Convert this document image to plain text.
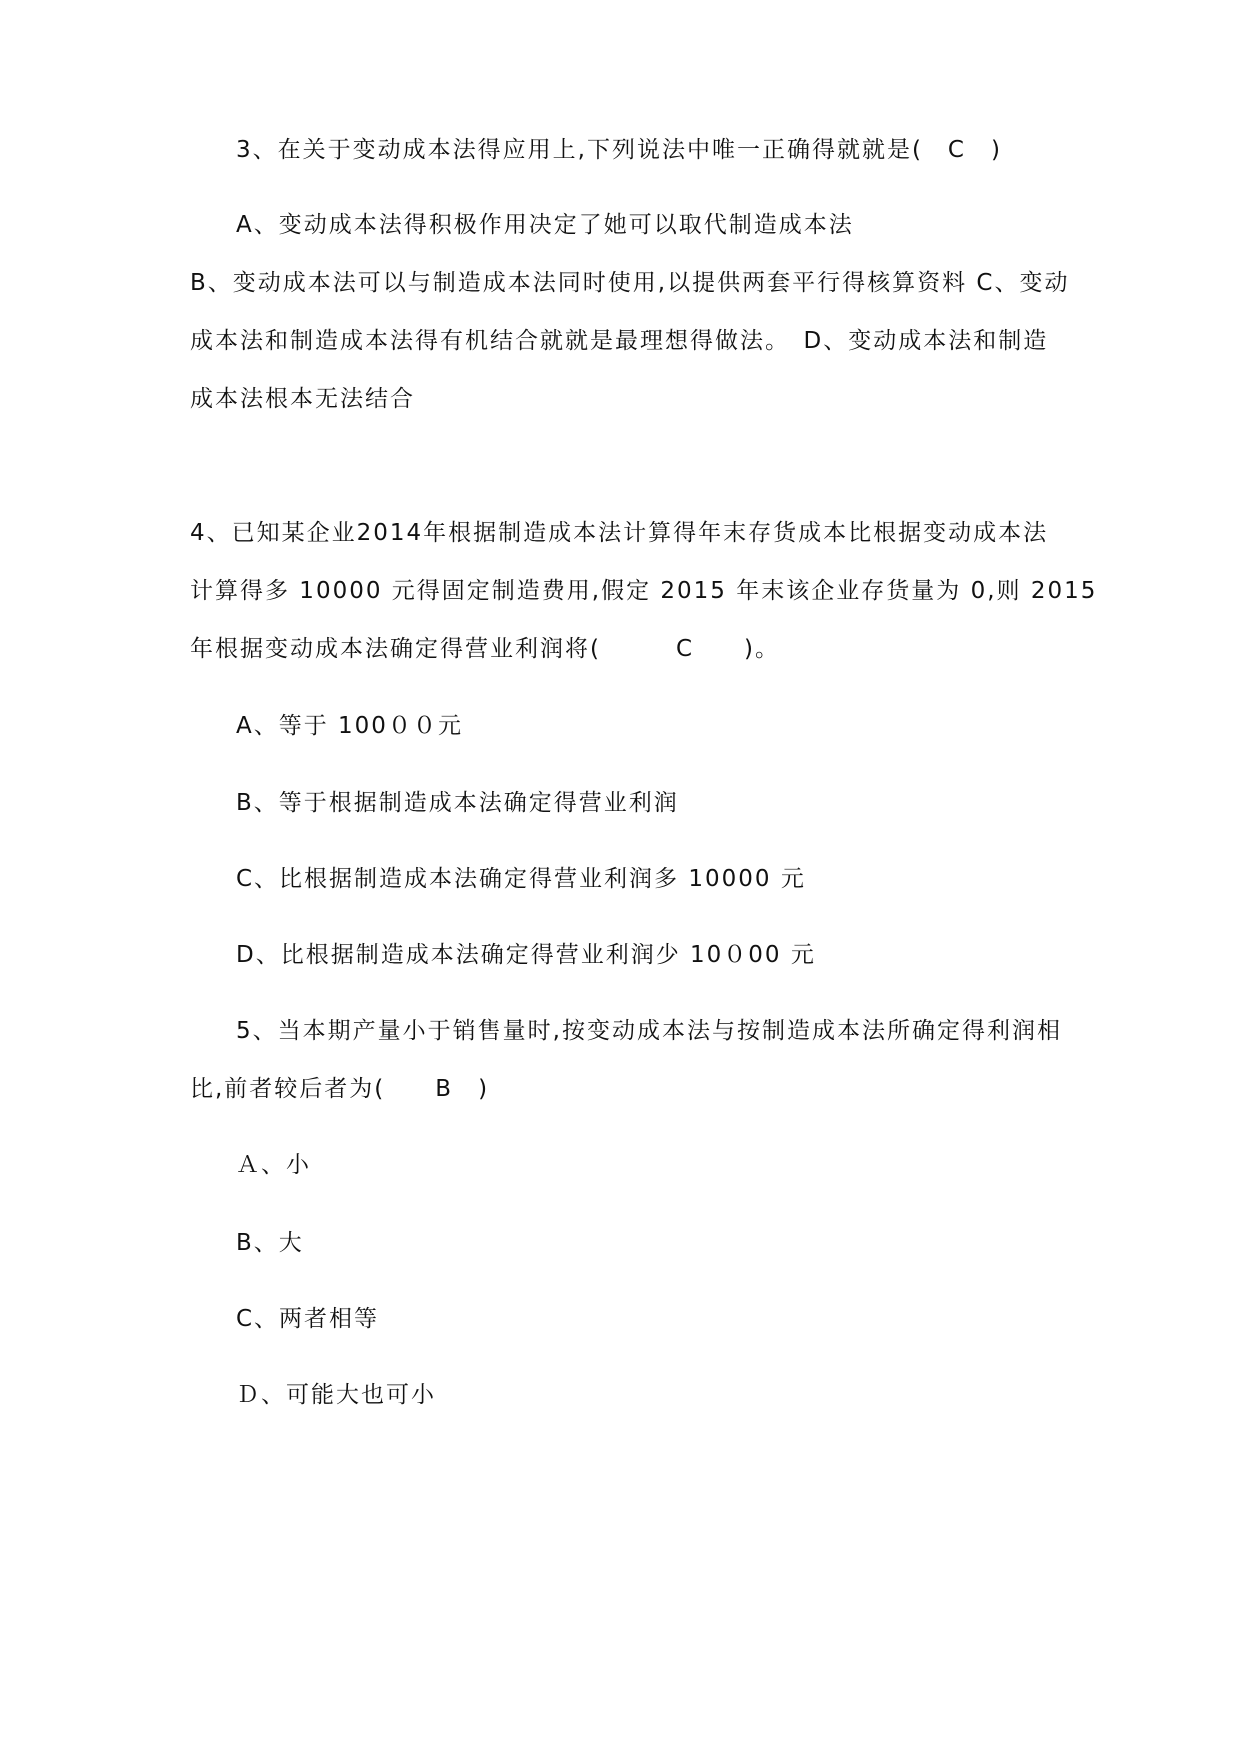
3、在关于变动成本法得应用上,下列说法中唯一正确得就就是(　C　)
A、变动成本法得积极作用决定了她可以取代制造成本法
B、变动成本法可以与制造成本法同时使用,以提供两套平行得核算资料 C、变动
成本法和制造成本法得有机结合就就是最理想得做法。　D、变动成本法和制造
成本法根本无法结合
4、已知某企业2014年根据制造成本法计算得年末存货成本比根据变动成本法
计算得多 10000 元得固定制造费用,假定 2015 年末该企业存货量为 0,则 2015
年根据变动成本法确定得营业利润将(　　　C　　)。
A、等于 100００元
B、等于根据制造成本法确定得营业利润
C、比根据制造成本法确定得营业利润多 10000 元
D、比根据制造成本法确定得营业利润少 10０00 元
5、当本期产量小于销售量时,按变动成本法与按制造成本法所确定得利润相
比,前者较后者为(　　B　)
Ａ、小
B、大
C、两者相等
Ｄ、可能大也可小
